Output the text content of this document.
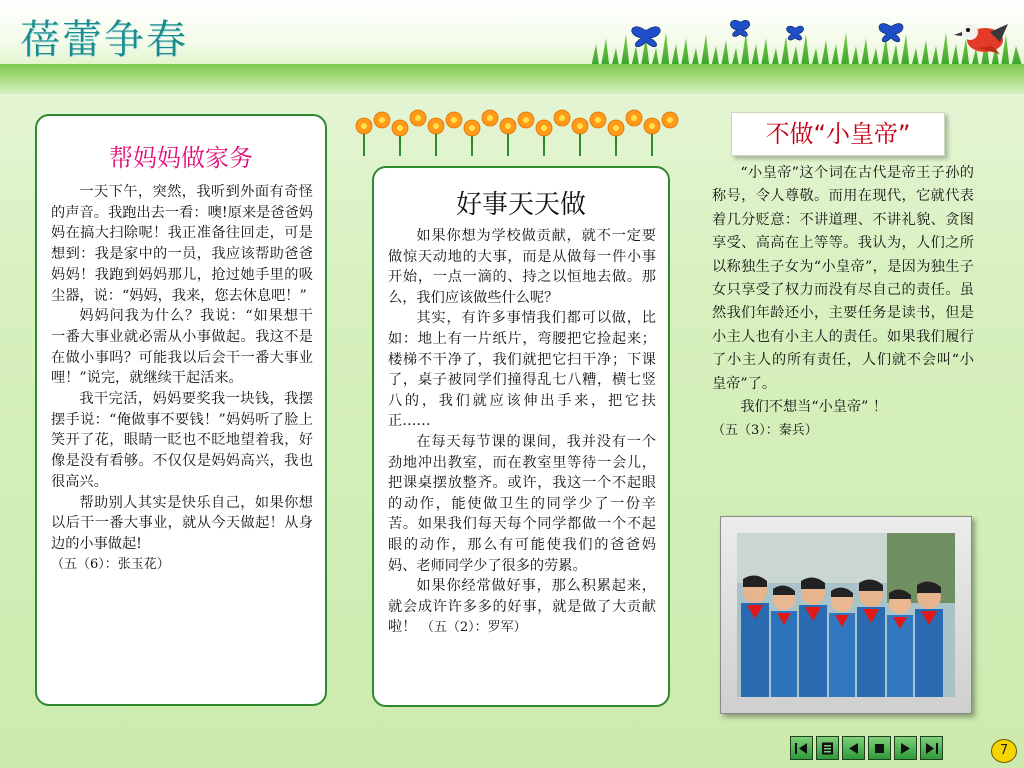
蓓蕾争春
帮妈妈做家务

一天下午，突然，我听到外面有奇怪的声音。我跑出去一看：噢!原来是爸爸妈妈在搞大扫除呢！我正准备往回走，可是想到：我是家中的一员，我应该帮助爸爸妈妈！我跑到妈妈那儿，抢过她手里的吸尘器，说：“妈妈，我来，您去休息吧！”

妈妈问我为什么？我说：“如果想干一番大事业就必需从小事做起。我这不是在做小事吗？可能我以后会干一番大事业哩！”说完，就继续干起活来。

我干完活，妈妈要奖我一块钱，我摆摆手说：“俺做事不要钱！”妈妈听了脸上笑开了花，眼睛一眨也不眨地望着我，好像是没有看够。不仅仅是妈妈高兴，我也很高兴。

帮助别人其实是快乐自己，如果你想以后干一番大事业，就从今天做起！从身边的小事做起!

（五（6）：张玉花）

好事天天做

如果你想为学校做贡献，就不一定要做惊天动地的大事，而是从做每一件小事开始，一点一滴的、持之以恒地去做。那么，我们应该做些什么呢？

其实，有许多事情我们都可以做，比如：地上有一片纸片，弯腰把它捡起来；楼梯不干净了，我们就把它扫干净；下课了，桌子被同学们撞得乱七八糟，横七竖八的，我们就应该伸出手来，把它扶正……

在每天每节课的课间，我并没有一个劲地冲出教室，而在教室里等待一会儿，把课桌摆放整齐。或许，我这一个不起眼的动作，能使做卫生的同学少了一份辛苦。如果我们每天每个同学都做一个不起眼的动作，那么有可能使我们的爸爸妈妈、老师同学少了很多的劳累。

如果你经常做好事，那么积累起来，就会成许许多多的好事，就是做了大贡献啦！ （五（2）：罗军）

不做“小皇帝”

“小皇帝”这个词在古代是帝王子孙的称号，令人尊敬。而用在现代，它就代表着几分贬意：不讲道理、不讲礼貌、贪图享受、高高在上等等。我认为，人们之所以称独生子女为“小皇帝”，是因为独生子女只享受了权力而没有尽自己的责任。虽然我们年龄还小，主要任务是读书，但是小主人也有小主人的责任。如果我们履行了小主人的所有责任，人们就不会叫“小皇帝”了。

我们不想当“小皇帝” ！

（五（3）：秦兵）

7
